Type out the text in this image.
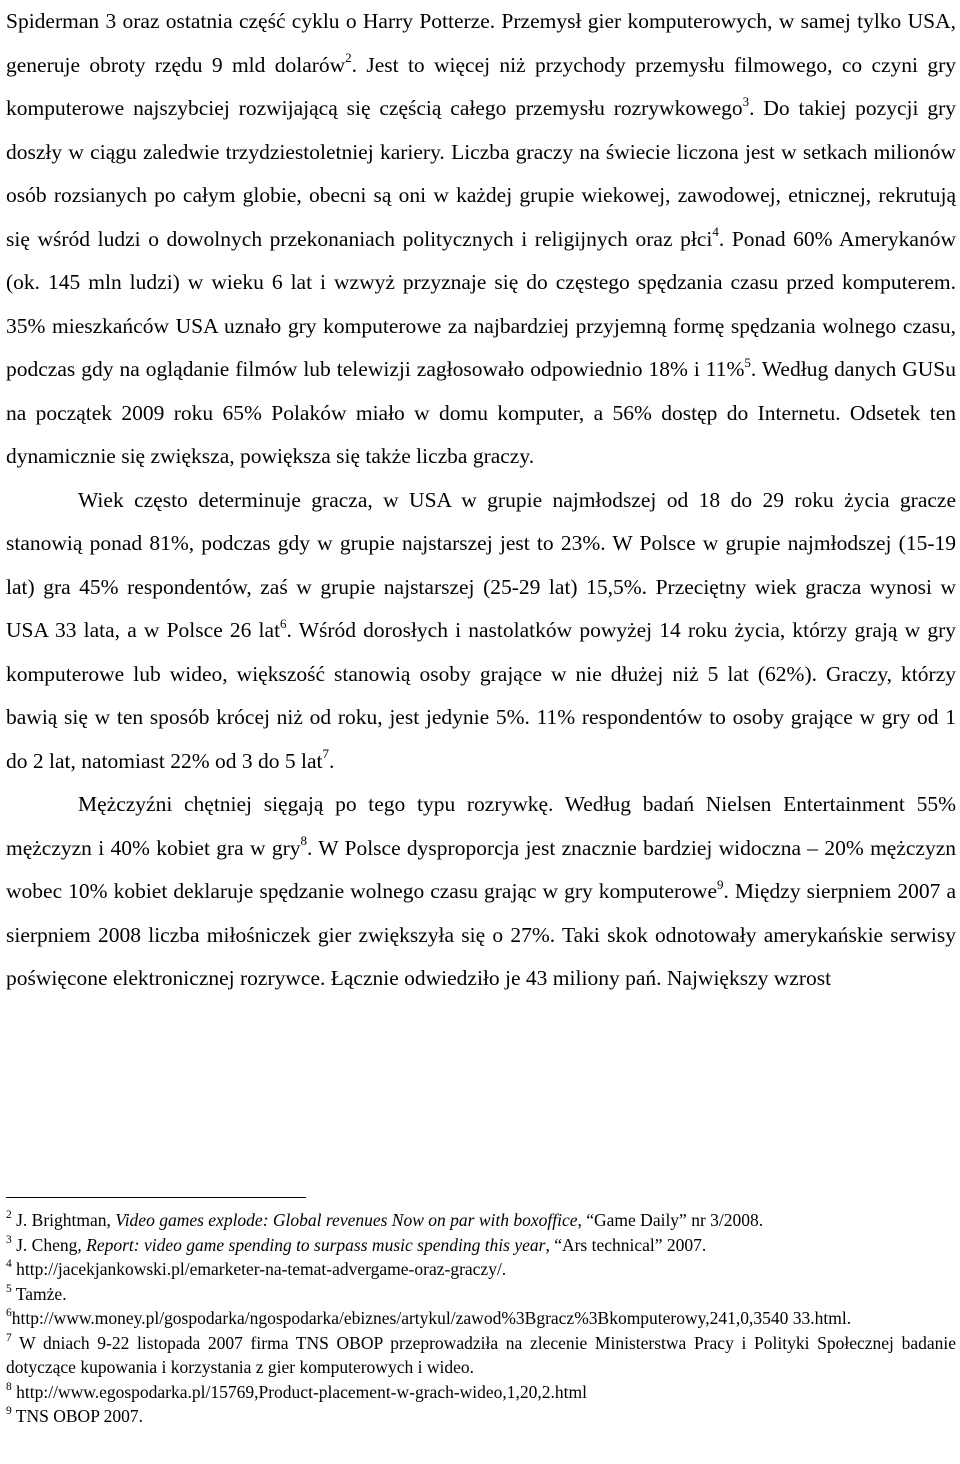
Spiderman 3 oraz ostatnia część cyklu o Harry Potterze. Przemysł gier komputerowych, w samej tylko USA, generuje obroty rzędu 9 mld dolarów$^2$. Jest to więcej niż przychody przemysłu filmowego, co czyni gry komputerowe najszybciej rozwijającą się częścią całego przemysłu rozrywkowego$^3$. Do takiej pozycji gry doszły w ciągu zaledwie trzydziestoletniej kariery. Liczba graczy na świecie liczona jest w setkach milionów osób rozsianych po całym globie, obecni są oni w każdej grupie wiekowej, zawodowej, etnicznej, rekrutują się wśród ludzi o dowolnych przekonaniach politycznych i religijnych oraz płci$^4$. Ponad 60% Amerykanów (ok. 145 mln ludzi) w wieku 6 lat i wzwyż przyznaje się do częstego spędzania czasu przed komputerem. 35% mieszkańców USA uznało gry komputerowe za najbardziej przyjemną formę spędzania wolnego czasu, podczas gdy na oglądanie filmów lub telewizji zagłosowało odpowiednio 18% i 11%$^5$. Według danych GUSu na początek 2009 roku 65% Polaków miało w domu komputer, a 56% dostęp do Internetu. Odsetek ten dynamicznie się zwiększa, powiększa się także liczba graczy.

Wiek często determinuje gracza, w USA w grupie najmłodszej od 18 do 29 roku życia gracze stanowią ponad 81%, podczas gdy w grupie najstarszej jest to 23%. W Polsce w grupie najmłodszej (15-19 lat) gra 45% respondentów, zaś w grupie najstarszej (25-29 lat) 15,5%. Przeciętny wiek gracza wynosi w USA 33 lata, a w Polsce 26 lat$^6$. Wśród dorosłych i nastolatków powyżej 14 roku życia, którzy grają w gry komputerowe lub wideo, większość stanowią osoby grające w nie dłużej niż 5 lat (62%). Graczy, którzy bawią się w ten sposób krócej niż od roku, jest jedynie 5%. 11% respondentów to osoby grające w gry od 1 do 2 lat, natomiast 22% od 3 do 5 lat$^7$.

Mężczyźni chętniej sięgają po tego typu rozrywkę. Według badań Nielsen Entertainment 55% mężczyzn i 40% kobiet gra w gry$^8$. W Polsce dysproporcja jest znacznie bardziej widoczna – 20% mężczyzn wobec 10% kobiet deklaruje spędzanie wolnego czasu grając w gry komputerowe$^9$. Między sierpniem 2007 a sierpniem 2008 liczba miłośniczek gier zwiększyła się o 27%. Taki skok odnotowały amerykańskie serwisy poświęcone elektronicznej rozrywce. Łącznie odwiedziło je 43 miliony pań. Największy wzrost

$^2$ J. Brightman, Video games explode: Global revenues Now on par with boxoffice, “Game Daily” nr 3/2008.

$^3$ J. Cheng, Report: video game spending to surpass music spending this year, “Ars technical” 2007.

$^4$ http://jacekjankowski.pl/emarketer-na-temat-advergame-oraz-graczy/.

$^5$ Tamże.

$^6$http://www.money.pl/gospodarka/ngospodarka/ebiznes/artykul/zawod%3Bgracz%3Bkomputerowy,241,0,3540 33.html.

$^7$ W dniach 9-22 listopada 2007 firma TNS OBOP przeprowadziła na zlecenie Ministerstwa Pracy i Polityki Społecznej badanie dotyczące kupowania i korzystania z gier komputerowych i wideo.

$^8$ http://www.egospodarka.pl/15769,Product-placement-w-grach-wideo,1,20,2.html

$^9$ TNS OBOP 2007.
